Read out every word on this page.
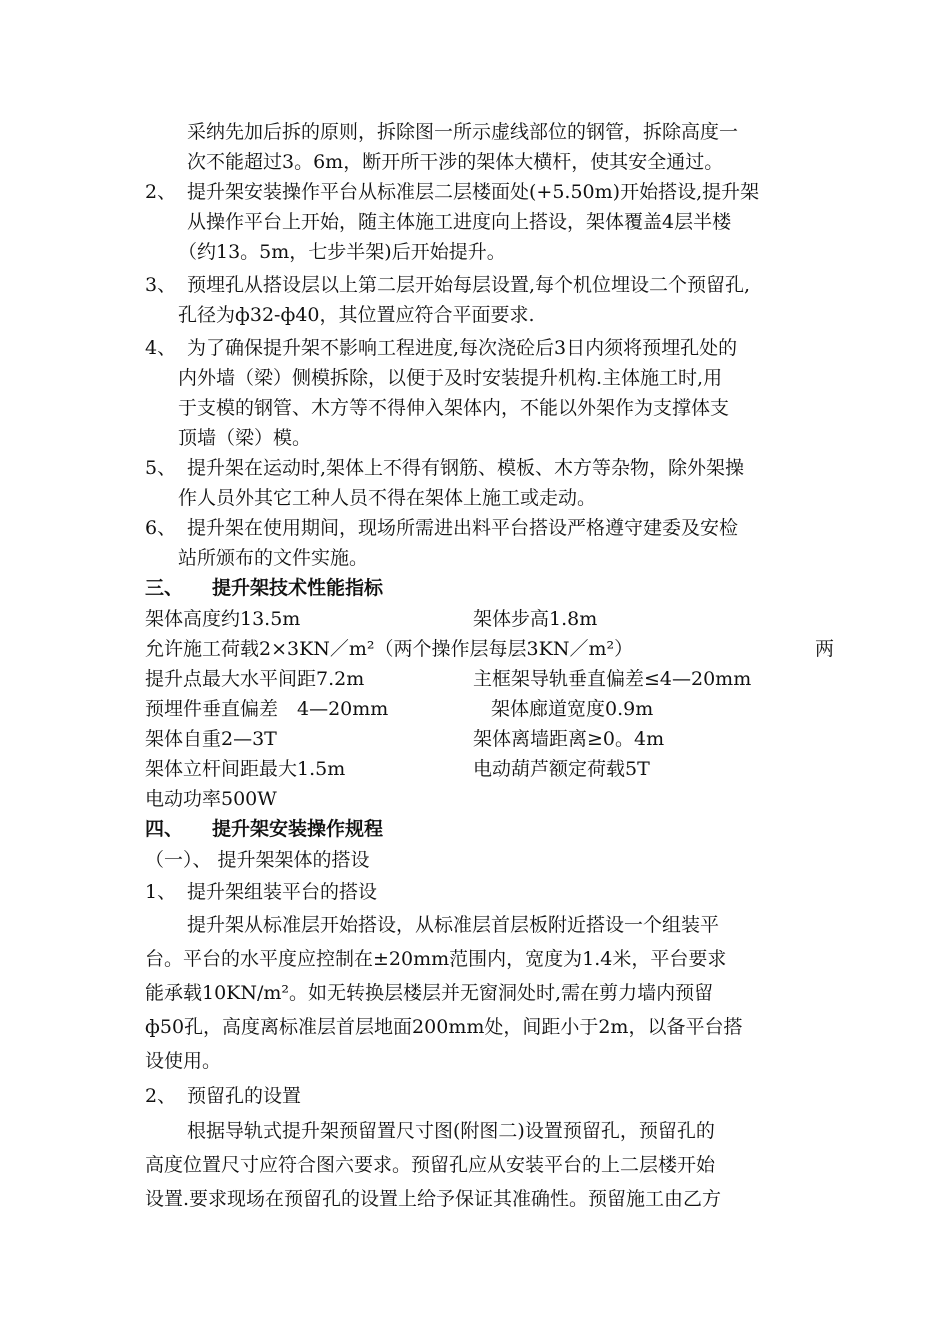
采纳先加后拆的原则，拆除图一所示虚线部位的钢管，拆除高度一
次不能超过3。6m，断开所干涉的架体大横杆，使其安全通过。
2、 提升架安装操作平台从标准层二层楼面处(+5.50m)开始搭设,提升架
从操作平台上开始，随主体施工进度向上搭设，架体覆盖4层半楼
（约13。5m，七步半架)后开始提升。
3、 预埋孔从搭设层以上第二层开始每层设置,每个机位埋设二个预留孔,
孔径为ф32-ф40，其位置应符合平面要求.
4、 为了确保提升架不影响工程进度,每次浇砼后3日内须将预埋孔处的
内外墙（梁）侧模拆除，以便于及时安装提升机构.主体施工时,用
于支模的钢管、木方等不得伸入架体内，不能以外架作为支撑体支
顶墙（梁）模。
5、 提升架在运动时,架体上不得有钢筋、模板、木方等杂物，除外架操
作人员外其它工种人员不得在架体上施工或走动。
6、 提升架在使用期间，现场所需进出料平台搭设严格遵守建委及安检
站所颁布的文件实施。
三、 提升架技术性能指标
架体高度约13.5m	架体步高1.8m
允许施工荷载2×3KN／m²（两个操作层每层3KN／m²）	两
提升点最大水平间距7.2m	主框架导轨垂直偏差≤4—20mm
预埋件垂直偏差　4—20mm	架体廊道宽度0.9m
架体自重2—3T	架体离墙距离≥0。4m
架体立杆间距最大1.5m	电动葫芦额定荷载5T
电动功率500W
四、 提升架安装操作规程
（一）、 提升架架体的搭设
1、 提升架组装平台的搭设
提升架从标准层开始搭设，从标准层首层板附近搭设一个组装平
台。平台的水平度应控制在±20mm范围内，宽度为1.4米，平台要求
能承载10KN/m²。如无转换层楼层并无窗洞处时,需在剪力墙内预留
ф50孔，高度离标准层首层地面200mm处，间距小于2m，以备平台搭
设使用。
2、 预留孔的设置
根据导轨式提升架预留置尺寸图(附图二)设置预留孔，预留孔的
高度位置尺寸应符合图六要求。预留孔应从安装平台的上二层楼开始
设置.要求现场在预留孔的设置上给予保证其准确性。预留施工由乙方
